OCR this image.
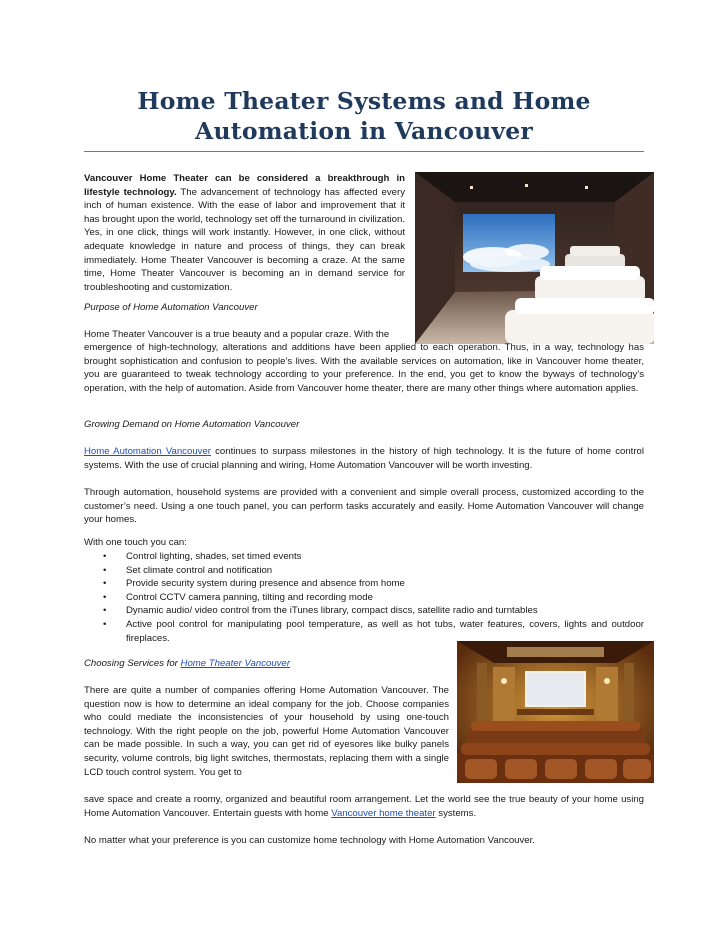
Home Theater Systems and Home Automation in Vancouver

Vancouver Home Theater can be considered a breakthrough in lifestyle technology. The advancement of technology has affected every inch of human existence. With the ease of labor and improvement that it has brought upon the world, technology set off the turnaround in civilization. Yes, in one click, things will work instantly. However, in one click, without adequate knowledge in nature and process of things, they can break immediately. Home Theater Vancouver is becoming a craze. At the same time, Home Theater Vancouver is becoming an in demand service for troubleshooting and customization.

Purpose of Home Automation Vancouver
Home Theater Vancouver is a true beauty and a popular craze. With the
emergence of high-technology, alterations and additions have been applied to each operation. Thus, in a way, technology has brought sophistication and confusion to people’s lives. With the available services on automation, like in Vancouver home theater, you are guaranteed to tweak technology according to your preference. In the end, you get to know the byways of technology’s operation, with the help of automation. Aside from Vancouver home theater, there are many other things where automation applies.
Growing Demand on Home Automation Vancouver

Home Automation Vancouver continues to surpass milestones in the history of high technology. It is the future of home control systems. With the use of crucial planning and wiring, Home Automation Vancouver will be worth investing.

Through automation, household systems are provided with a convenient and simple overall process, customized according to the customer’s need. Using a one touch panel, you can perform tasks accurately and easily. Home Automation Vancouver will change your homes.
With one touch you can:
• Control lighting, shades, set timed events
• Set climate control and notification
• Provide security system during presence and absence from home
• Control CCTV camera panning, tilting and recording mode
• Dynamic audio/ video control from the iTunes library, compact discs, satellite radio and turntables
• Active pool control for manipulating pool temperature, as well as hot tubs, water features, covers, lights and outdoor fireplaces.
Choosing Services for Home Theater Vancouver
There are quite a number of companies offering Home Automation Vancouver. The question now is how to determine an ideal company for the job. Choose companies who could mediate the inconsistencies of your household by using one-touch technology. With the right people on the job, powerful Home Automation Vancouver can be made possible. In such a way, you can get rid of eyesores like bulky panels security, volume controls, big light switches, thermostats, replacing them with a single LCD touch control system. You get to

save space and create a roomy, organized and beautiful room arrangement. Let the world see the true beauty of your home using Home Automation Vancouver. Entertain guests with home Vancouver home theater systems.

No matter what your preference is you can customize home technology with Home Automation Vancouver.
